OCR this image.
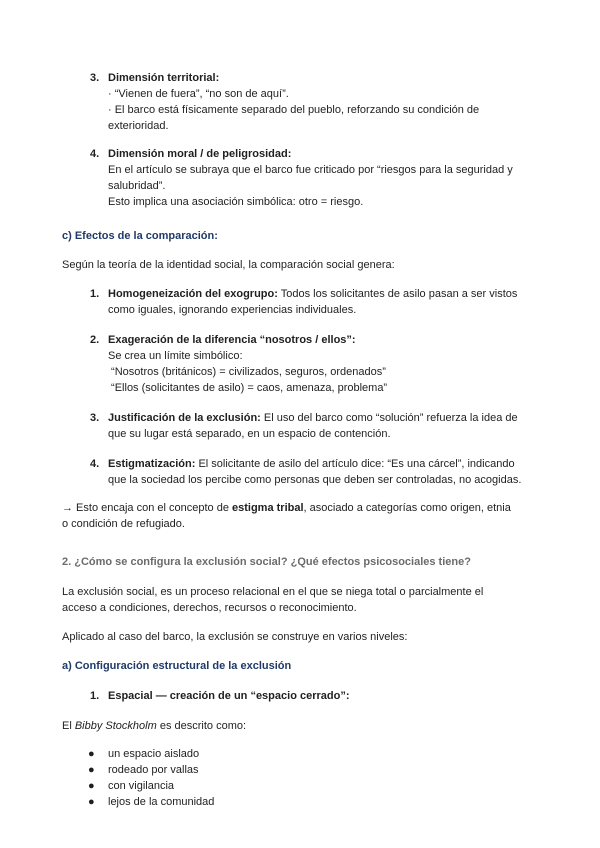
3. Dimensión territorial:
· “Vienen de fuera”, “no son de aquí”.
· El barco está físicamente separado del pueblo, reforzando su condición de
exterioridad.
4. Dimensión moral / de peligrosidad:
En el artículo se subraya que el barco fue criticado por “riesgos para la seguridad y
salubridad”.
Esto implica una asociación simbólica: otro = riesgo.

c) Efectos de la comparación:

Según la teoría de la identidad social, la comparación social genera:

1. Homogeneización del exogrupo: Todos los solicitantes de asilo pasan a ser vistos
como iguales, ignorando experiencias individuales.
2. Exageración de la diferencia “nosotros / ellos”:
Se crea un límite simbólico:
“Nosotros (británicos) = civilizados, seguros, ordenados”
“Ellos (solicitantes de asilo) = caos, amenaza, problema”
3. Justificación de la exclusión: El uso del barco como “solución” refuerza la idea de
que su lugar está separado, en un espacio de contención.
4. Estigmatización: El solicitante de asilo del artículo dice: “Es una cárcel”, indicando
que la sociedad los percibe como personas que deben ser controladas, no acogidas.

→ Esto encaja con el concepto de estigma tribal, asociado a categorías como origen, etnia

o condición de refugiado.

2. ¿Cómo se configura la exclusión social? ¿Qué efectos psicosociales tiene?

La exclusión social, es un proceso relacional en el que se niega total o parcialmente el

acceso a condiciones, derechos, recursos o reconocimiento.

Aplicado al caso del barco, la exclusión se construye en varios niveles:

a) Configuración estructural de la exclusión

1. Espacial — creación de un “espacio cerrado”:

El Bibby Stockholm es descrito como:

● un espacio aislado
● rodeado por vallas
● con vigilancia
● lejos de la comunidad
